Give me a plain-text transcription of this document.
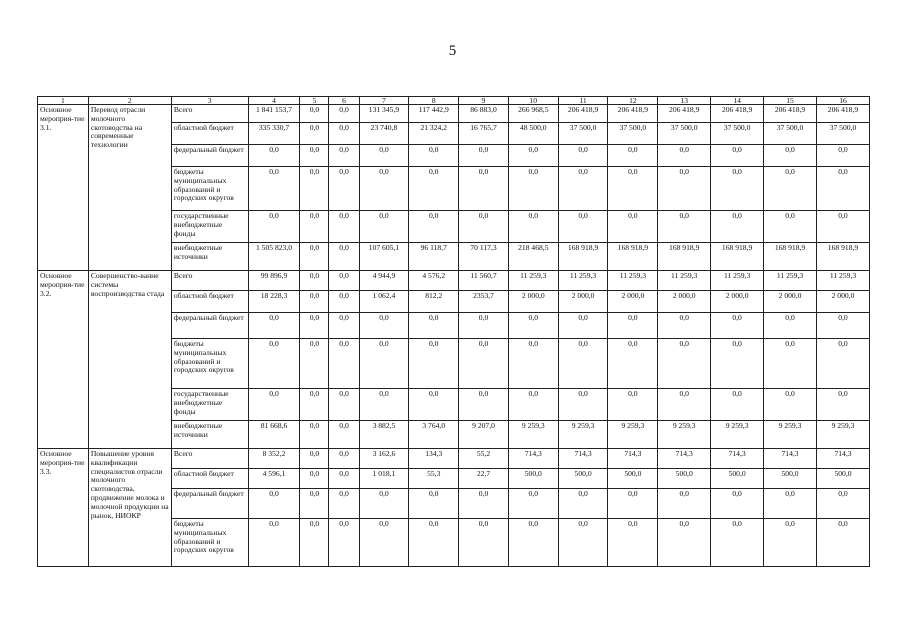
5
1	2	3	4	5	6	7	8	9	10	11	12	13	14	15	16
Основное мероприя-тие 3.1.	Перевод отрасли молочного скотоводства на современные технологии	Всего	1 841 153,7	0,0	0,0	131 345,9	117 442,9	86 883,0	266 968,5	206 418,9	206 418,9	206 418,9	206 418,9	206 418,9	206 418,9
		областной бюджет	335 330,7	0,0	0,0	23 740,8	21 324,2	16 765,7	48 500,0	37 500,0	37 500,0	37 500,0	37 500,0	37 500,0	37 500,0
		федеральный бюджет	0,0	0,0	0,0	0,0	0,0	0,0	0,0	0,0	0,0	0,0	0,0	0,0	0,0
		бюджеты муниципальных образований и городских округов	0,0	0,0	0,0	0,0	0,0	0,0	0,0	0,0	0,0	0,0	0,0	0,0	0,0
		государственные внебюджетные фонды	0,0	0,0	0,0	0,0	0,0	0,0	0,0	0,0	0,0	0,0	0,0	0,0	0,0
		внебюджетные источники	1 505 823,0	0,0	0,0	107 605,1	96 118,7	70 117,3	218 468,5	168 918,9	168 918,9	168 918,9	168 918,9	168 918,9	168 918,9
Основное мероприя-тие 3.2.	Совершенство-вание системы воспроизводства стада	Всего	99 896,9	0,0	0,0	4 944,9	4 576,2	11 560,7	11 259,3	11 259,3	11 259,3	11 259,3	11 259,3	11 259,3	11 259,3
		областной бюджет	18 228,3	0,0	0,0	1 062,4	812,2	2353,7	2 000,0	2 000,0	2 000,0	2 000,0	2 000,0	2 000,0	2 000,0
		федеральный бюджет	0,0	0,0	0,0	0,0	0,0	0,0	0,0	0,0	0,0	0,0	0,0	0,0	0,0
		бюджеты муниципальных образований и городских округов	0,0	0,0	0,0	0,0	0,0	0,0	0,0	0,0	0,0	0,0	0,0	0,0	0,0
		государственные внебюджетные фонды	0,0	0,0	0,0	0,0	0,0	0,0	0,0	0,0	0,0	0,0	0,0	0,0	0,0
		внебюджетные источники	81 668,6	0,0	0,0	3 882,5	3 764,0	9 207,0	9 259,3	9 259,3	9 259,3	9 259,3	9 259,3	9 259,3	9 259,3
Основное мероприя-тие 3.3.	Повышение уровня квалификации специалистов отрасли молочного скотоводства, продвижение молока и молочной продукции на рынок, НИОКР	Всего	8 352,2	0,0	0,0	3 162,6	134,3	55,2	714,3	714,3	714,3	714,3	714,3	714,3	714,3
		областной бюджет	4 596,1	0,0	0,0	1 018,1	55,3	22,7	500,0	500,0	500,0	500,0	500,0	500,0	500,0
		федеральный бюджет	0,0	0,0	0,0	0,0	0,0	0,0	0,0	0,0	0,0	0,0	0,0	0,0	0,0
		бюджеты муниципальных образований и городских округов	0,0	0,0	0,0	0,0	0,0	0,0	0,0	0,0	0,0	0,0	0,0	0,0	0,0
